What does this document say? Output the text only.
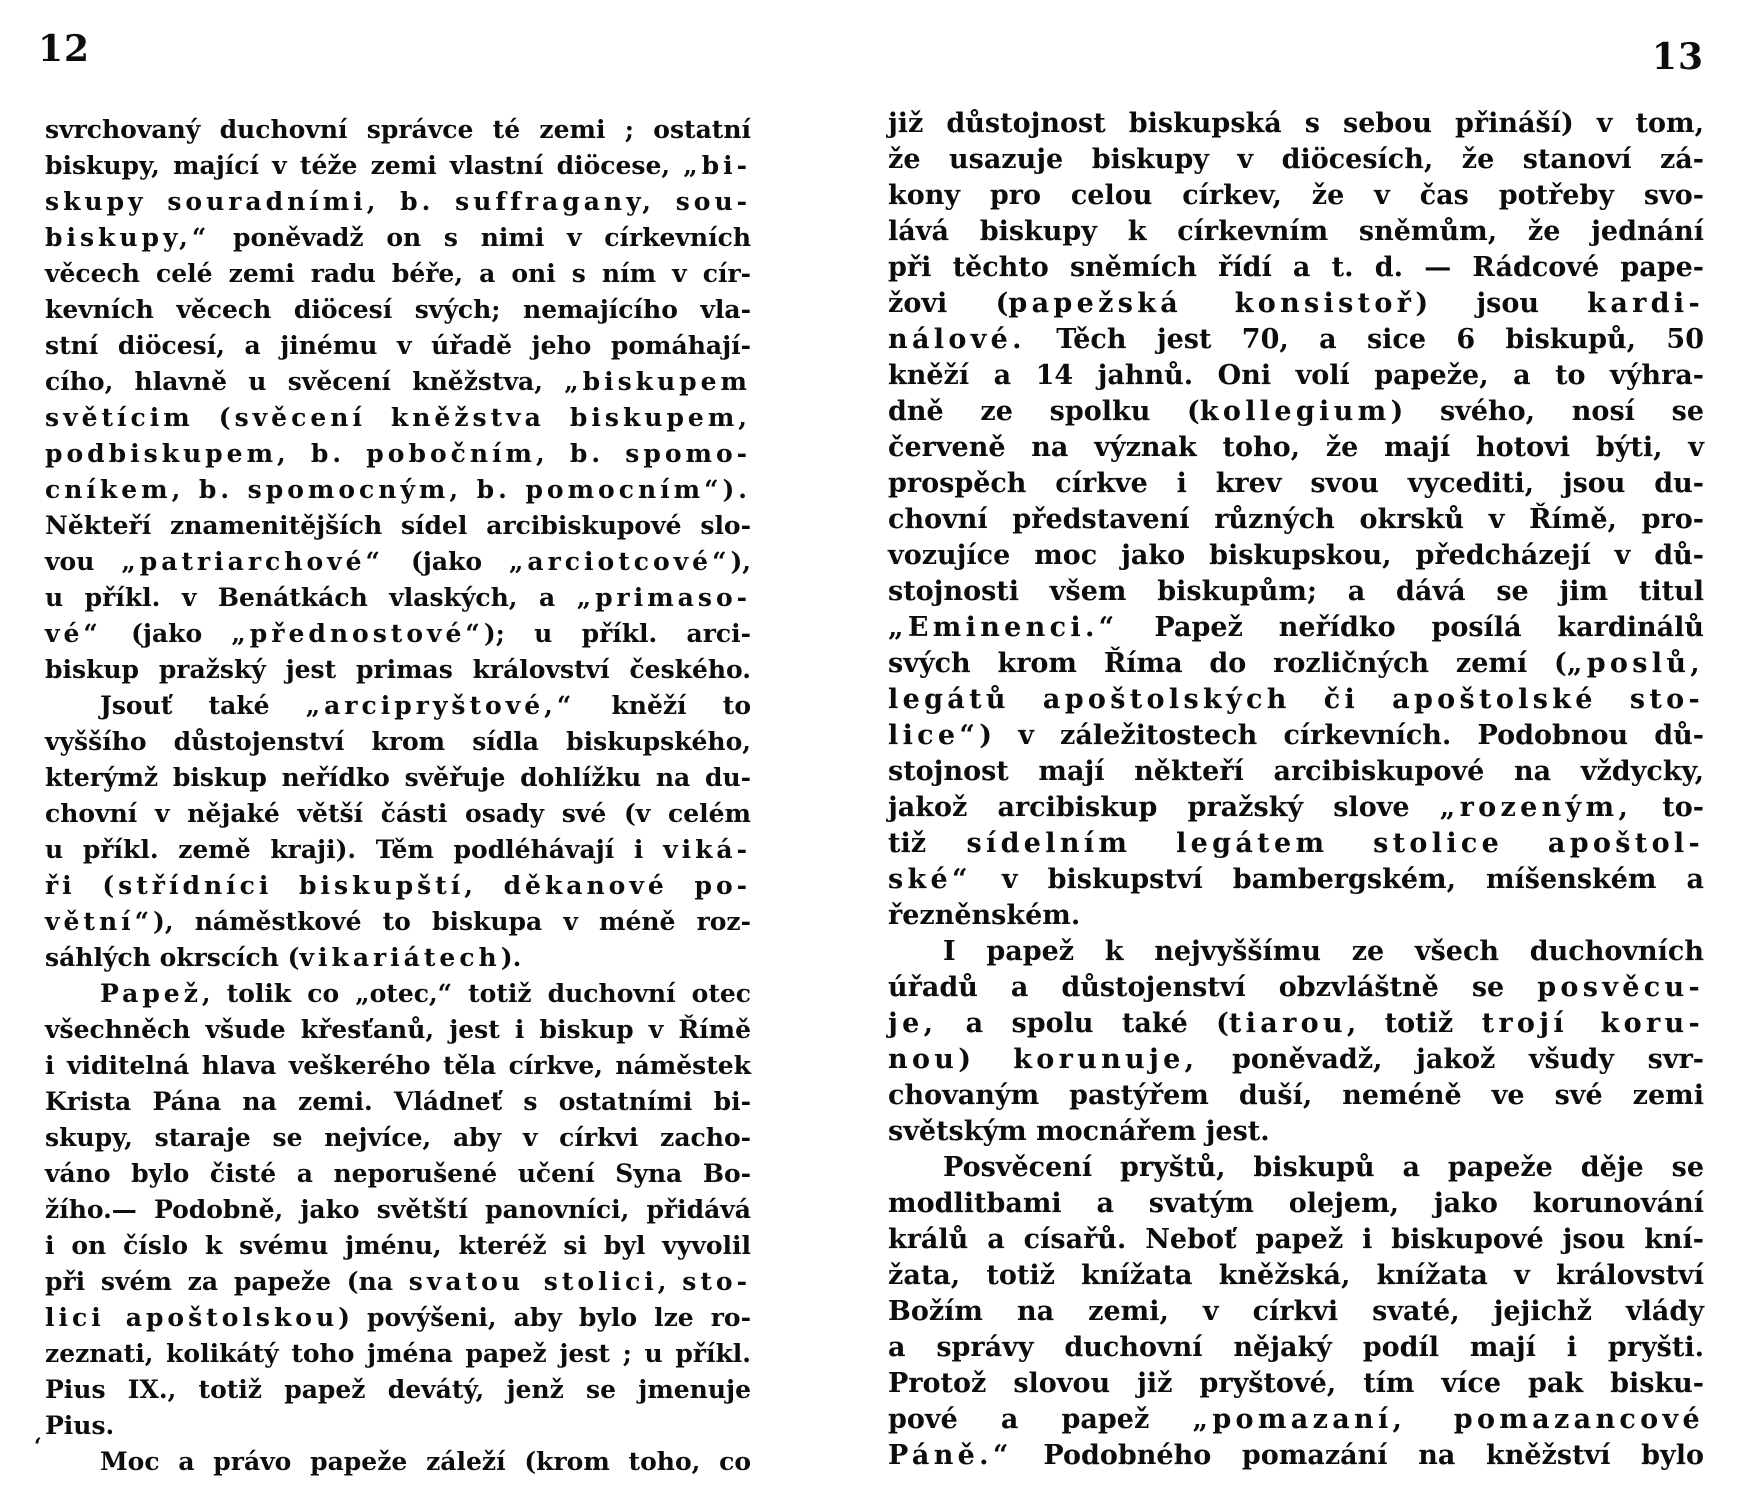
12	13
svrchovaný duchovní správce té zemi ; ostatní
biskupy, mající v téže zemi vlastní diöcese, „bi-
skupy souradními, b. suffragany, sou-
biskupy,“ poněvadž on s nimi v církevních
věcech celé zemi radu béře, a oni s ním v cír-
kevních věcech diöcesí svých; nemajícího vla-
stní diöcesí, a jinému v úřadě jeho pomáhají-
cího, hlavně u svěcení kněžstva, „biskupem
světícim (svěcení kněžstva biskupem,
podbiskupem, b. pobočním, b. spomo-
cníkem, b. spomocným, b. pomocním“).
Někteří znamenitějších sídel arcibiskupové slo-
vou „patriarchové“ (jako „arciotcové“),
u příkl. v Benátkách vlaských, a „primaso-
vé“ (jako „přednostové“); u příkl. arci-
biskup pražský jest primas království českého.
Jsouť také „arcipryštové,“ kněží to
vyššího důstojenství krom sídla biskupského,
kterýmž biskup neřídko svěřuje dohlížku na du-
chovní v nějaké větší části osady své (v celém
u příkl. země kraji). Těm podléhávají i viká-
ři (střídníci biskupští, děkanové po-
větní“), náměstkové to biskupa v méně roz-
sáhlých okrscích (vikariátech).
Papež, tolik co „otec,“ totiž duchovní otec
všechněch všude křesťanů, jest i biskup v Římě
i viditelná hlava veškerého těla církve, náměstek
Krista Pána na zemi. Vládneť s ostatními bi-
skupy, staraje se nejvíce, aby v církvi zacho-
váno bylo čisté a neporušené učení Syna Bo-
žího.— Podobně, jako světští panovníci, přidává
i on číslo k svému jménu, kteréž si byl vyvolil
při svém za papeže (na svatou stolici, sto-
lici apoštolskou) povýšeni, aby bylo lze ro-
zeznati, kolikátý toho jména papež jest ; u příkl.
Pius IX., totiž papež devátý, jenž se jmenuje
Pius.
Moc a právo papeže záleží (krom toho, co
již důstojnost biskupská s sebou přináší) v tom,
že usazuje biskupy v diöcesích, že stanoví zá-
kony pro celou církev, že v čas potřeby svo-
lává biskupy k církevním sněmům, že jednání
při těchto sněmích řídí a t. d. — Rádcové pape-
žovi (papežská konsistoř) jsou kardi-
nálové. Těch jest 70, a sice 6 biskupů, 50
kněží a 14 jahnů. Oni volí papeže, a to výhra-
dně ze spolku (kollegium) svého, nosí se
červeně na význak toho, že mají hotovi býti, v
prospěch církve i krev svou vycediti, jsou du-
chovní představení různých okrsků v Římě, pro-
vozujíce moc jako biskupskou, předcházejí v dů-
stojnosti všem biskupům; a dává se jim titul
„Eminenci.“ Papež neřídko posílá kardinálů
svých krom Říma do rozličných zemí („poslů,
legátů apoštolských či apoštolské sto-
lice“) v záležitostech církevních. Podobnou dů-
stojnost mají někteří arcibiskupové na vždycky,
jakož arcibiskup pražský slove „rozeným, to-
tiž sídelním legátem stolice apoštol-
ské“ v biskupství bambergském, míšenském a
řezněnském.
I papež k nejvyššímu ze všech duchovních
úřadů a důstojenství obzvláštně se posvěcu-
je, a spolu také (tiarou, totiž trojí koru-
nou) korunuje, poněvadž, jakož všudy svr-
chovaným pastýřem duší, neméně ve své zemi
světským mocnářem jest.
Posvěcení pryštů, biskupů a papeže děje se
modlitbami a svatým olejem, jako korunování
králů a císařů. Neboť papež i biskupové jsou kní-
žata, totiž knížata kněžská, knížata v království
Božím na zemi, v církvi svaté, jejichž vlády
a správy duchovní nějaký podíl mají i pryšti.
Protož slovou již pryštové, tím více pak bisku-
pové a papež „pomazaní, pomazancové
Páně.“ Podobného pomazání na kněžství bylo
‘
